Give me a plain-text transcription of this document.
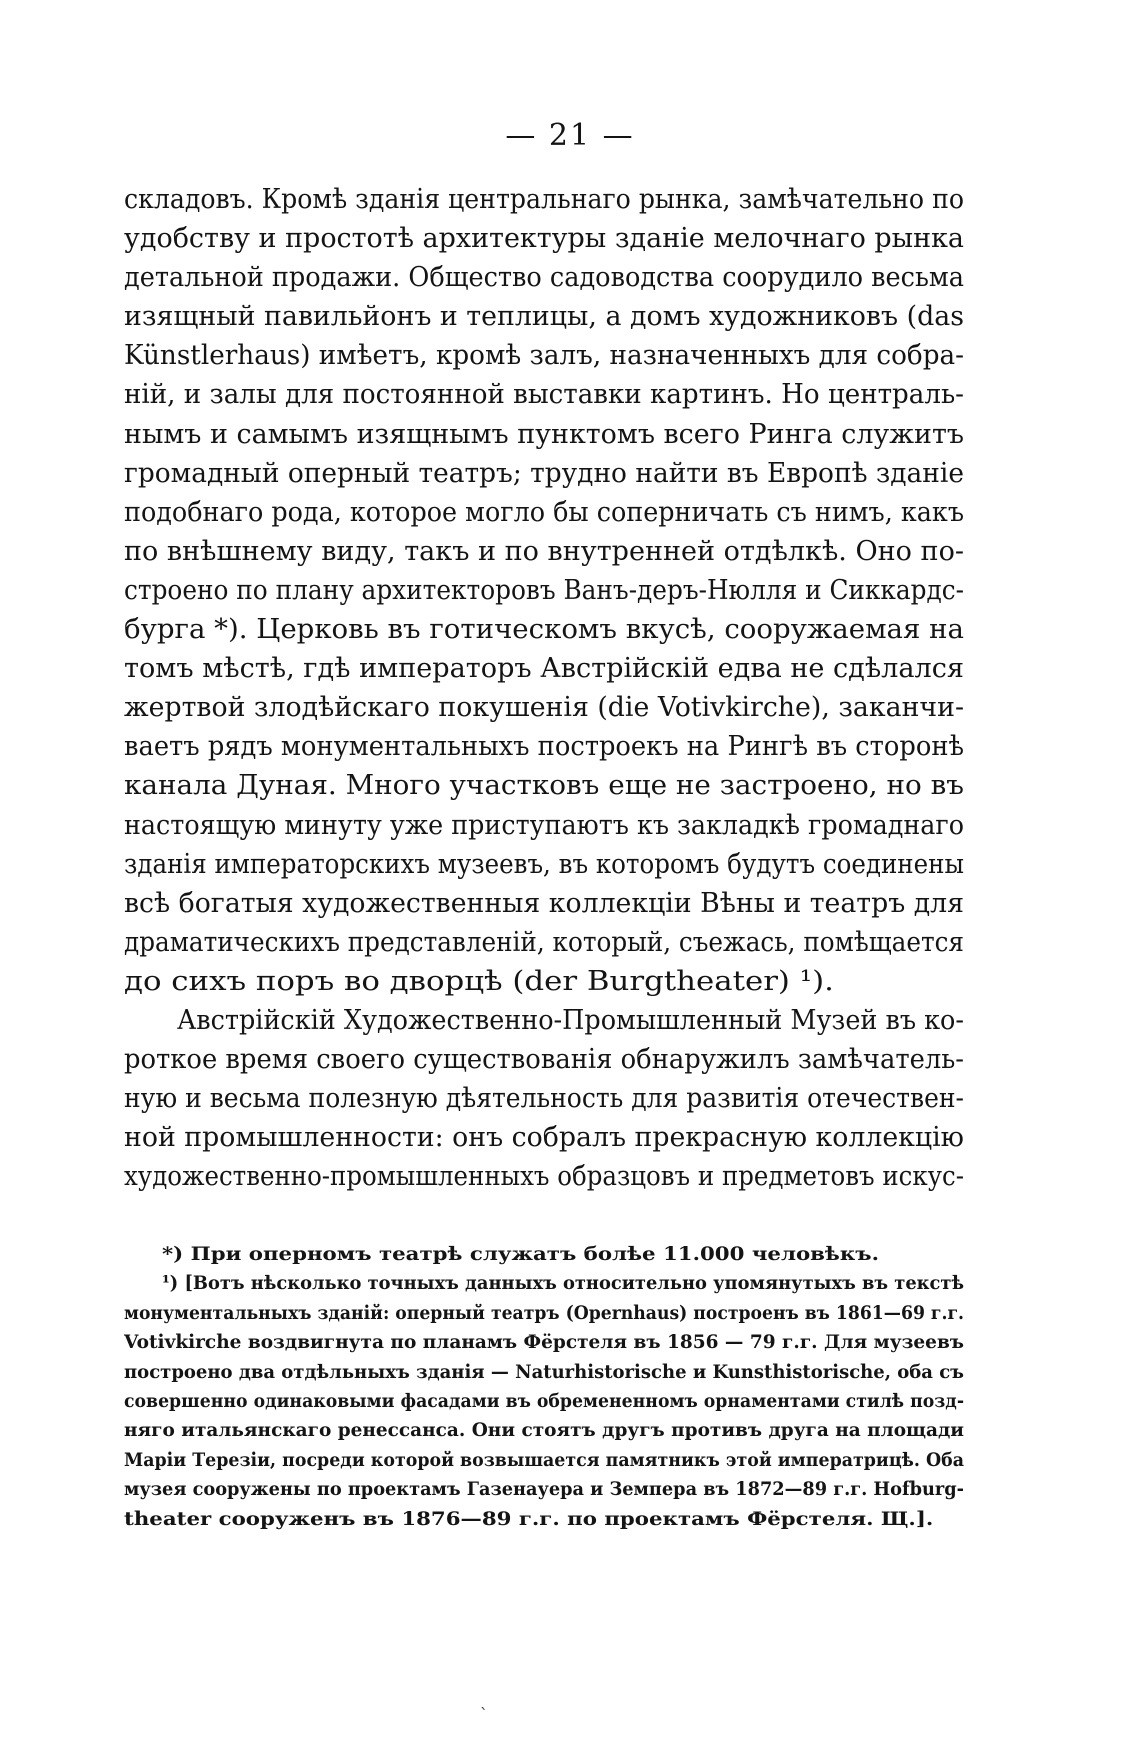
— 21 —
складовъ. Кромѣ зданія центральнаго рынка, замѣчательно по
удобству и простотѣ архитектуры зданіе мелочнаго рынка
детальной продажи. Общество садоводства соорудило весьма
изящный павильйонъ и теплицы, а домъ художниковъ (das
Künstlerhaus) имѣетъ, кромѣ залъ, назначенныхъ для собра-
ній, и залы для постоянной выставки картинъ. Но централь-
нымъ и самымъ изящнымъ пунктомъ всего Ринга служитъ
громадный оперный театръ; трудно найти въ Европѣ зданіе
подобнаго рода, которое могло бы соперничать съ нимъ, какъ
по внѣшнему виду, такъ и по внутренней отдѣлкѣ. Оно по-
строено по плану архитекторовъ Ванъ-деръ-Нюлля и Сиккардс-
бурга *). Церковь въ готическомъ вкусѣ, сооружаемая на
томъ мѣстѣ, гдѣ императоръ Австрійскій едва не сдѣлался
жертвой злодѣйскаго покушенія (die Votivkirche), заканчи-
ваетъ рядъ монументальныхъ построекъ на Рингѣ въ сторонѣ
канала Дуная. Много участковъ еще не застроено, но въ
настоящую минуту уже приступаютъ къ закладкѣ громаднаго
зданія императорскихъ музеевъ, въ которомъ будутъ соединены
всѣ богатыя художественныя коллекціи Вѣны и театръ для
драматическихъ представленій, который, съежась, помѣщается
до сихъ поръ во дворцѣ (der Burgtheater) ¹).
Австрійскій Художественно-Промышленный Музей въ ко-
роткое время своего существованія обнаружилъ замѣчатель-
ную и весьма полезную дѣятельность для развитія отечествен-
ной промышленности: онъ собралъ прекрасную коллекцію
художественно-промышленныхъ образцовъ и предметовъ искус-
*) При оперномъ театрѣ служатъ болѣе 11.000 человѣкъ.
¹) [Вотъ нѣсколько точныхъ данныхъ относительно упомянутыхъ въ текстѣ
монументальныхъ зданій: оперный театръ (Opernhaus) построенъ въ 1861—69 г.г.
Votivkirche воздвигнута по планамъ Фёрстеля въ 1856 — 79 г.г. Для музеевъ
построено два отдѣльныхъ зданія — Naturhistorische и Kunsthistorische, оба съ
совершенно одинаковыми фасадами въ обремененномъ орнаментами стилѣ позд-
няго итальянскаго ренессанса. Они стоятъ другъ противъ друга на площади
Маріи Терезіи, посреди которой возвышается памятникъ этой императрицѣ. Оба
музея сооружены по проектамъ Газенауера и Земпера въ 1872—89 г.г. Hofburg-
theater сооруженъ въ 1876—89 г.г. по проектамъ Фёрстеля. Щ.].
`
